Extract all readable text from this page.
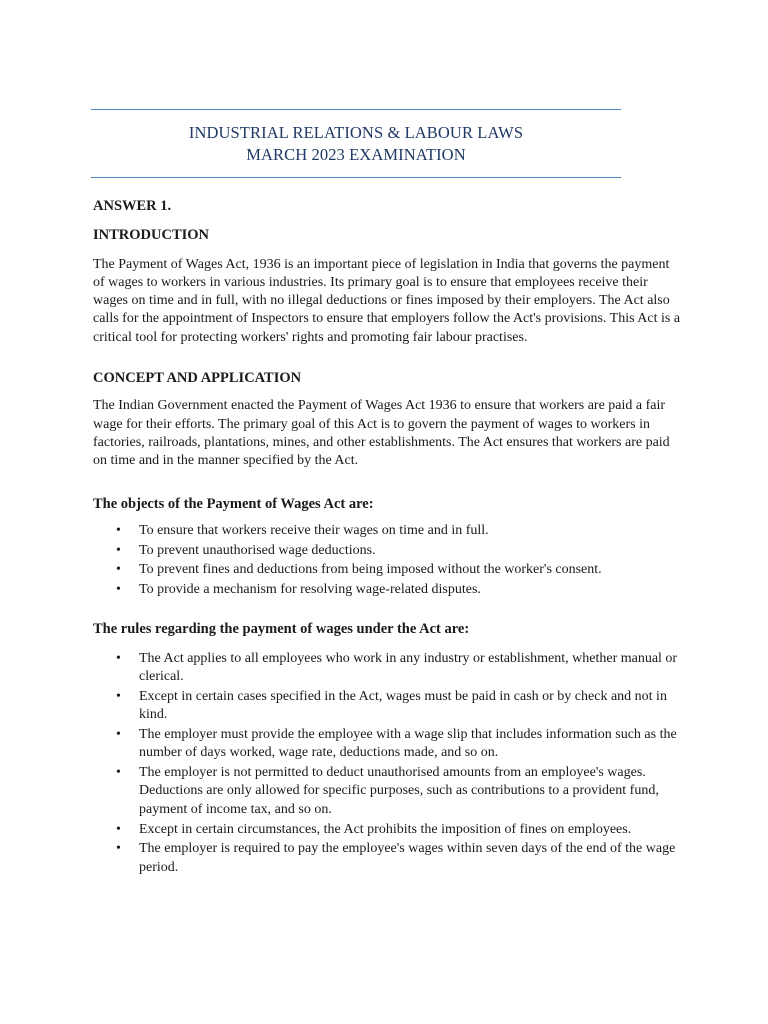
INDUSTRIAL RELATIONS & LABOUR LAWS
MARCH 2023 EXAMINATION

ANSWER 1.

INTRODUCTION

The Payment of Wages Act, 1936 is an important piece of legislation in India that governs the payment of wages to workers in various industries. Its primary goal is to ensure that employees receive their wages on time and in full, with no illegal deductions or fines imposed by their employers. The Act also calls for the appointment of Inspectors to ensure that employers follow the Act's provisions. This Act is a critical tool for protecting workers' rights and promoting fair labour practises.

CONCEPT AND APPLICATION

The Indian Government enacted the Payment of Wages Act 1936 to ensure that workers are paid a fair wage for their efforts. The primary goal of this Act is to govern the payment of wages to workers in factories, railroads, plantations, mines, and other establishments. The Act ensures that workers are paid on time and in the manner specified by the Act.

The objects of the Payment of Wages Act are:

• To ensure that workers receive their wages on time and in full.
• To prevent unauthorised wage deductions.
• To prevent fines and deductions from being imposed without the worker's consent.
• To provide a mechanism for resolving wage-related disputes.

The rules regarding the payment of wages under the Act are:

• The Act applies to all employees who work in any industry or establishment, whether manual or clerical.
• Except in certain cases specified in the Act, wages must be paid in cash or by check and not in kind.
• The employer must provide the employee with a wage slip that includes information such as the number of days worked, wage rate, deductions made, and so on.
• The employer is not permitted to deduct unauthorised amounts from an employee's wages. Deductions are only allowed for specific purposes, such as contributions to a provident fund, payment of income tax, and so on.
• Except in certain circumstances, the Act prohibits the imposition of fines on employees.
• The employer is required to pay the employee's wages within seven days of the end of the wage period.
